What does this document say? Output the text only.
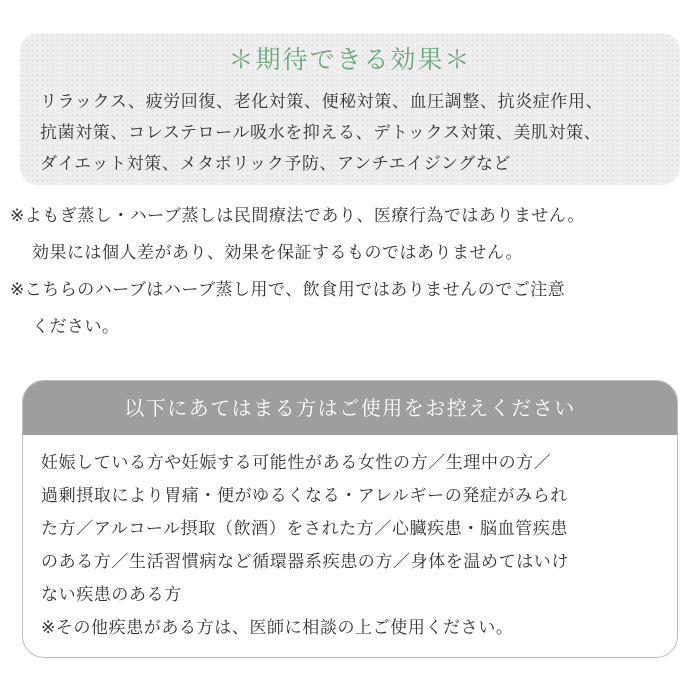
＊期待できる効果＊
リラックス、疲労回復、老化対策、便秘対策、血圧調整、抗炎症作用、
抗菌対策、コレステロール吸水を抑える、デトックス対策、美肌対策、
ダイエット対策、メタボリック予防、アンチエイジングなど
※よもぎ蒸し・ハーブ蒸しは民間療法であり、医療行為ではありません。
効果には個人差があり、効果を保証するものではありません。
※こちらのハーブはハーブ蒸し用で、飲食用ではありませんのでご注意
ください。
以下にあてはまる方はご使用をお控えください
妊娠している方や妊娠する可能性がある女性の方／生理中の方／
過剰摂取により胃痛・便がゆるくなる・アレルギーの発症がみられ
た方／アルコール摂取（飲酒）をされた方／心臓疾患・脳血管疾患
のある方／生活習慣病など循環器系疾患の方／身体を温めてはいけ
ない疾患のある方
※その他疾患がある方は、医師に相談の上ご使用ください。
